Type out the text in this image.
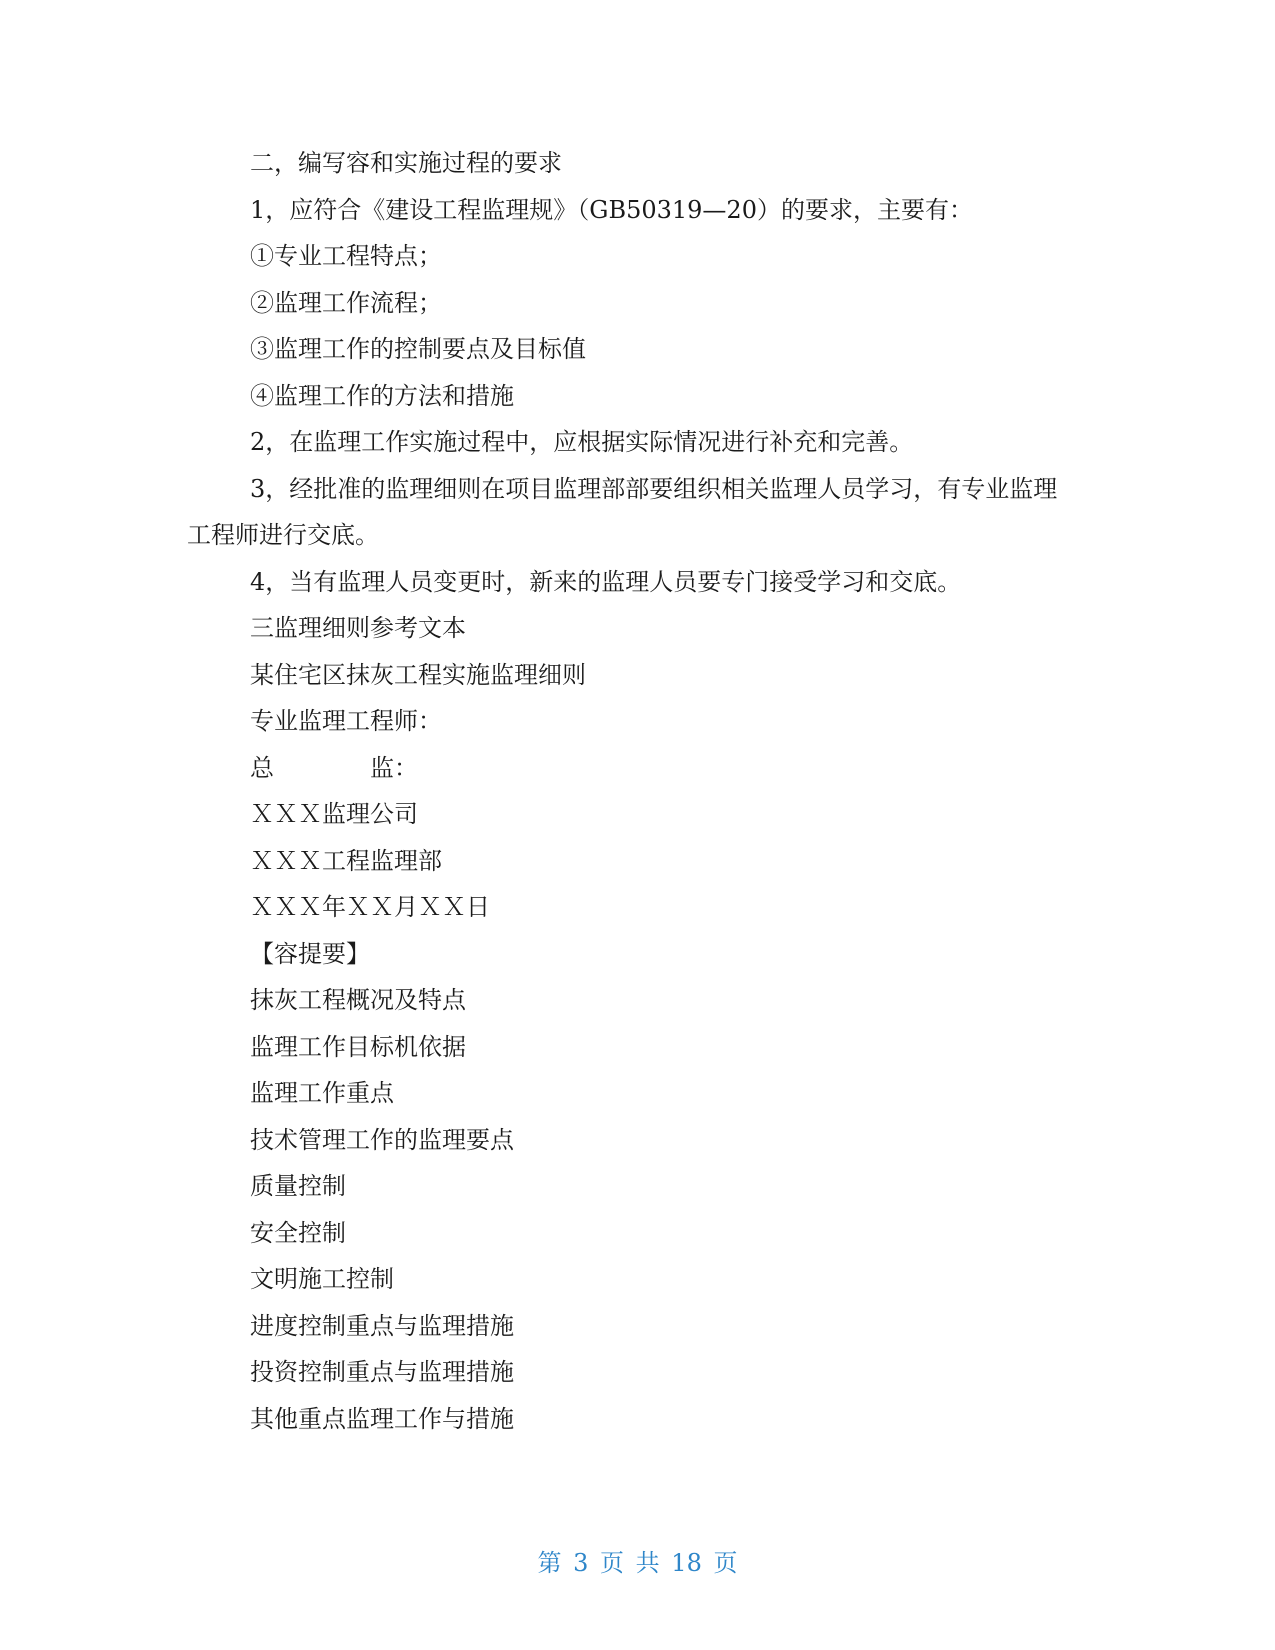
二，编写容和实施过程的要求

1，应符合《建设工程监理规》（GB50319—20）的要求，主要有：

①专业工程特点；

②监理工作流程；

③监理工作的控制要点及目标值

④监理工作的方法和措施

2，在监理工作实施过程中，应根据实际情况进行补充和完善。

3，经批准的监理细则在项目监理部部要组织相关监理人员学习，有专业监理

工程师进行交底。

4，当有监理人员变更时，新来的监理人员要专门接受学习和交底。

三监理细则参考文本

某住宅区抹灰工程实施监理细则

专业监理工程师：

总　　　　监：

ＸＸＸ监理公司

ＸＸＸ工程监理部

ＸＸＸ年ＸＸ月ＸＸ日

【容提要】

抹灰工程概况及特点

监理工作目标机依据

监理工作重点

技术管理工作的监理要点

质量控制

安全控制

文明施工控制

进度控制重点与监理措施

投资控制重点与监理措施

其他重点监理工作与措施

第 3 页 共 18 页
